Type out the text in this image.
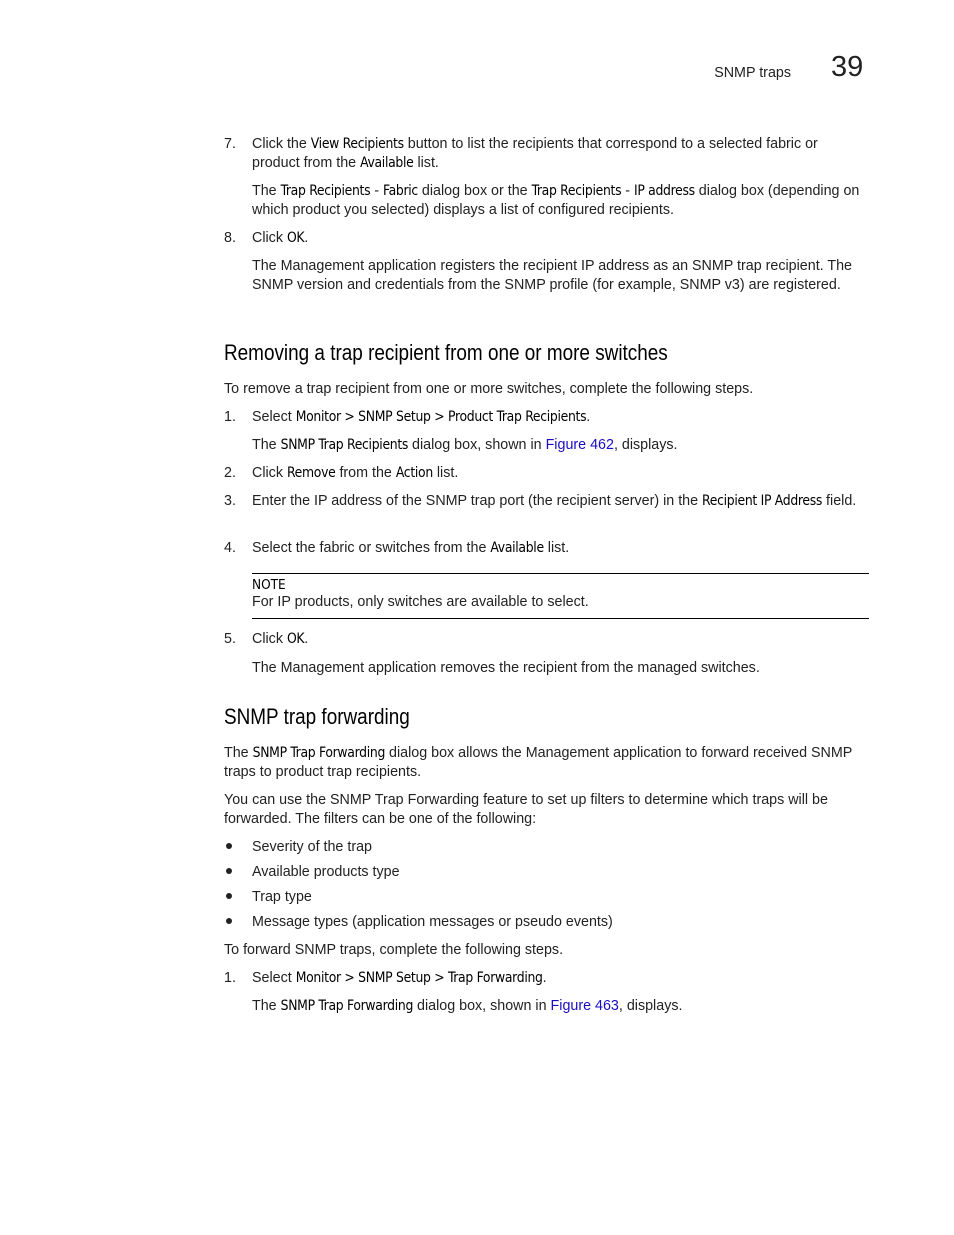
SNMP traps 39
7. Click the View Recipients button to list the recipients that correspond to a selected fabric or product from the Available list.
The Trap Recipients - Fabric dialog box or the Trap Recipients - IP address dialog box (depending on which product you selected) displays a list of configured recipients.
8. Click OK.
The Management application registers the recipient IP address as an SNMP trap recipient. The SNMP version and credentials from the SNMP profile (for example, SNMP v3) are registered.
Removing a trap recipient from one or more switches
To remove a trap recipient from one or more switches, complete the following steps.
1. Select Monitor > SNMP Setup > Product Trap Recipients.
The SNMP Trap Recipients dialog box, shown in Figure 462, displays.
2. Click Remove from the Action list.
3. Enter the IP address of the SNMP trap port (the recipient server) in the Recipient IP Address field.
4. Select the fabric or switches from the Available list.
NOTE
For IP products, only switches are available to select.
5. Click OK.
The Management application removes the recipient from the managed switches.
SNMP trap forwarding
The SNMP Trap Forwarding dialog box allows the Management application to forward received SNMP traps to product trap recipients.
You can use the SNMP Trap Forwarding feature to set up filters to determine which traps will be forwarded. The filters can be one of the following:
Severity of the trap
Available products type
Trap type
Message types (application messages or pseudo events)
To forward SNMP traps, complete the following steps.
1. Select Monitor > SNMP Setup > Trap Forwarding.
The SNMP Trap Forwarding dialog box, shown in Figure 463, displays.
